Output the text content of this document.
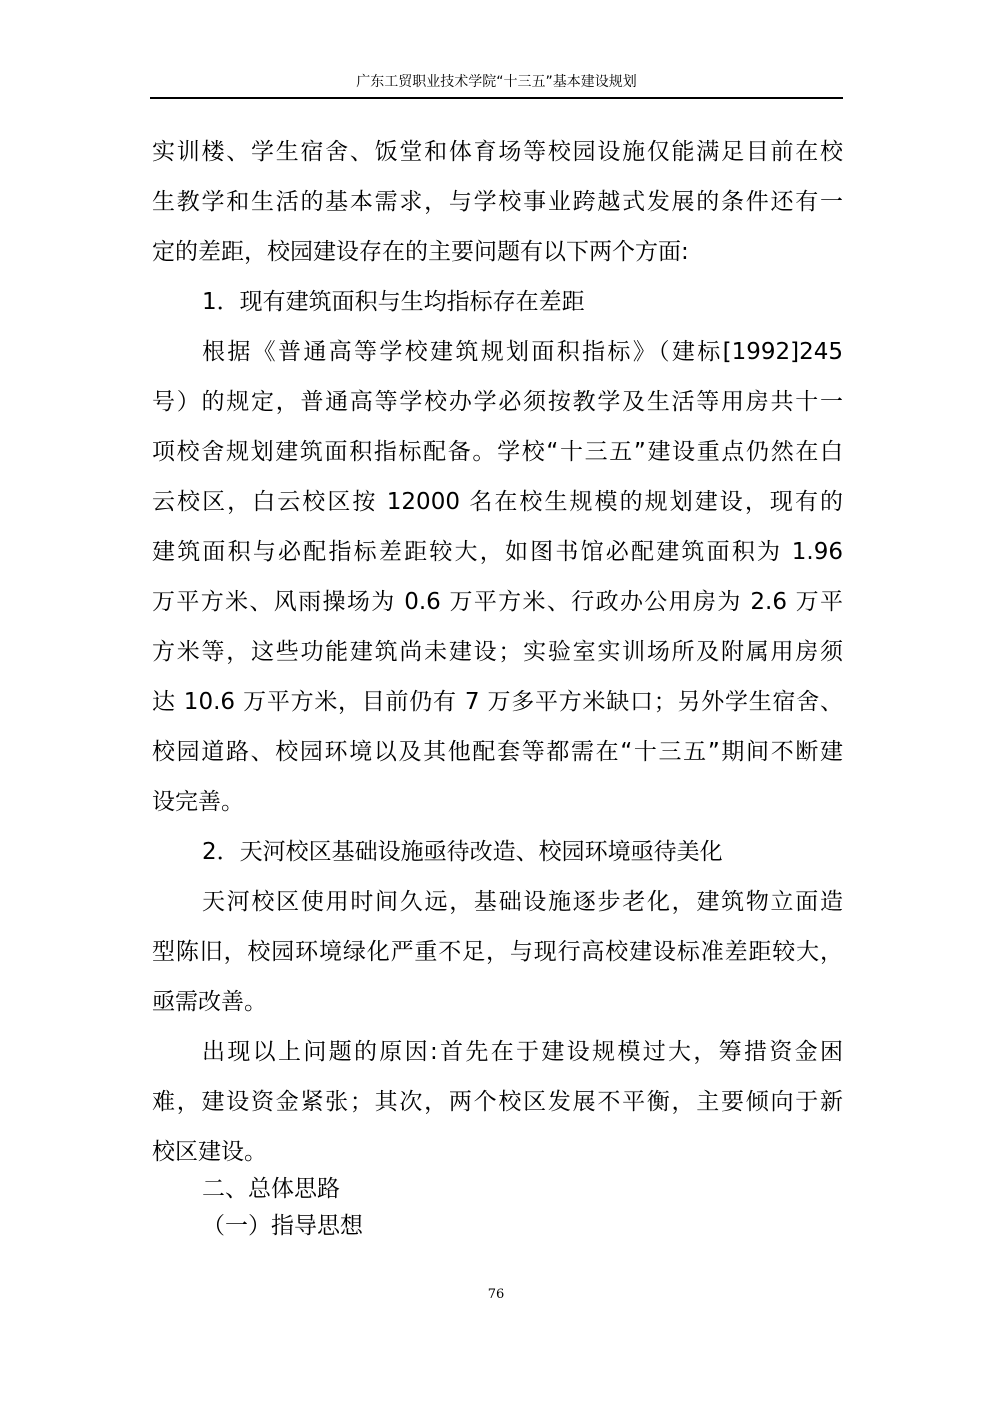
广东工贸职业技术学院“十三五”基本建设规划
实训楼、学生宿舍、饭堂和体育场等校园设施仅能满足目前在校
生教学和生活的基本需求，与学校事业跨越式发展的条件还有一
定的差距，校园建设存在的主要问题有以下两个方面:
1．现有建筑面积与生均指标存在差距
根据《普通高等学校建筑规划面积指标》（建标[1992]245
号）的规定，普通高等学校办学必须按教学及生活等用房共十一
项校舍规划建筑面积指标配备。学校“十三五”建设重点仍然在白
云校区，白云校区按 12000 名在校生规模的规划建设，现有的
建筑面积与必配指标差距较大，如图书馆必配建筑面积为 1.96
万平方米、风雨操场为 0.6 万平方米、行政办公用房为 2.6 万平
方米等，这些功能建筑尚未建设；实验室实训场所及附属用房须
达 10.6 万平方米，目前仍有 7 万多平方米缺口；另外学生宿舍、
校园道路、校园环境以及其他配套等都需在“十三五”期间不断建
设完善。
2．天河校区基础设施亟待改造、校园环境亟待美化
天河校区使用时间久远，基础设施逐步老化，建筑物立面造
型陈旧，校园环境绿化严重不足，与现行高校建设标准差距较大，
亟需改善。
出现以上问题的原因:首先在于建设规模过大，筹措资金困
难，建设资金紧张；其次，两个校区发展不平衡，主要倾向于新
校区建设。
二、总体思路
（一）指导思想
76
